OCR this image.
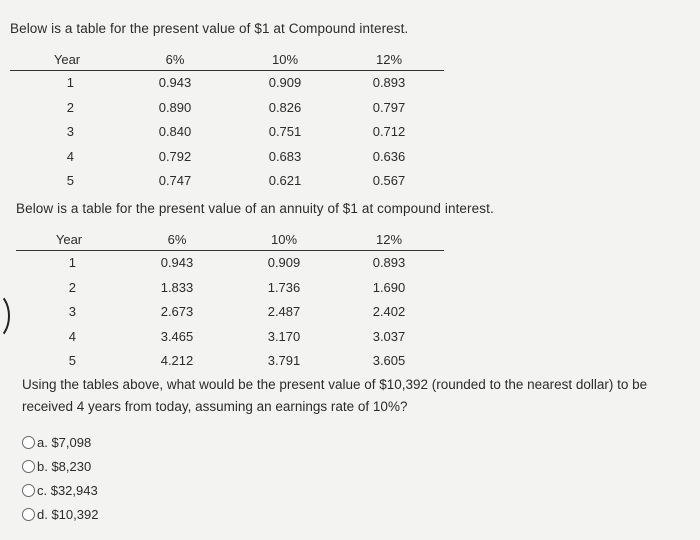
Below is a table for the present value of $1 at Compound interest.
Year	6%	10%	12%
1	0.943	0.909	0.893
2	0.890	0.826	0.797
3	0.840	0.751	0.712
4	0.792	0.683	0.636
5	0.747	0.621	0.567
Below is a table for the present value of an annuity of $1 at compound interest.
Year	6%	10%	12%
1	0.943	0.909	0.893
2	1.833	1.736	1.690
3	2.673	2.487	2.402
4	3.465	3.170	3.037
5	4.212	3.791	3.605
Using the tables above, what would be the present value of $10,392 (rounded to the nearest dollar) to be received 4 years from today, assuming an earnings rate of 10%?
a. $7,098
b. $8,230
c. $32,943
d. $10,392
